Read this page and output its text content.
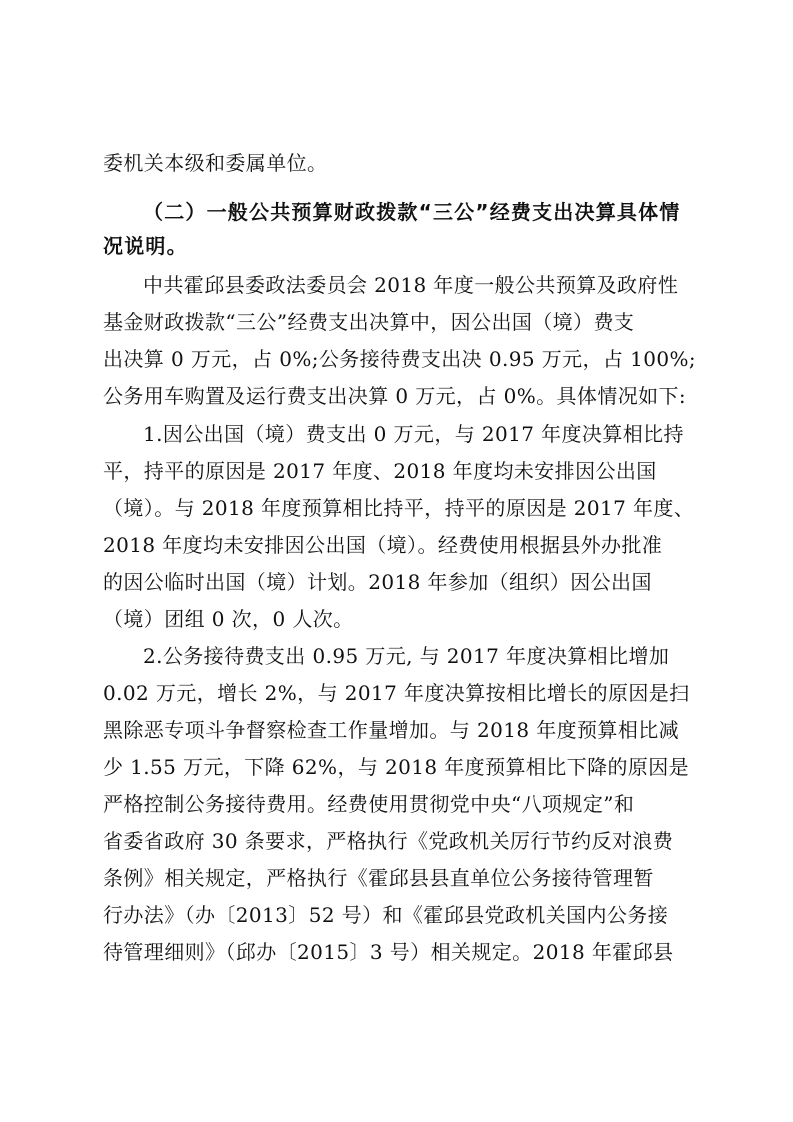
委机关本级和委属单位。
（二）一般公共预算财政拨款“三公”经费支出决算具体情
况说明。
中共霍邱县委政法委员会 2018 年度一般公共预算及政府性
基金财政拨款“三公”经费支出决算中，因公出国（境）费支
出决算 0 万元，占 0%;公务接待费支出决 0.95 万元，占 100%;
公务用车购置及运行费支出决算 0 万元，占 0%。具体情况如下:
1.因公出国（境）费支出 0 万元，与 2017 年度决算相比持
平，持平的原因是 2017 年度、2018 年度均未安排因公出国
（境）。与 2018 年度预算相比持平，持平的原因是 2017 年度、
2018 年度均未安排因公出国（境）。经费使用根据县外办批准
的因公临时出国（境）计划。2018 年参加（组织）因公出国
（境）团组 0 次，0 人次。
2.公务接待费支出 0.95 万元, 与 2017 年度决算相比增加
0.02 万元，增长 2%，与 2017 年度决算按相比增长的原因是扫
黑除恶专项斗争督察检查工作量增加。与 2018 年度预算相比减
少 1.55 万元，下降 62%，与 2018 年度预算相比下降的原因是
严格控制公务接待费用。经费使用贯彻党中央“八项规定”和
省委省政府 30 条要求，严格执行《党政机关厉行节约反对浪费
条例》相关规定，严格执行《霍邱县县直单位公务接待管理暂
行办法》（办〔2013〕52 号）和《霍邱县党政机关国内公务接
待管理细则》（邱办〔2015〕3 号）相关规定。2018 年霍邱县
